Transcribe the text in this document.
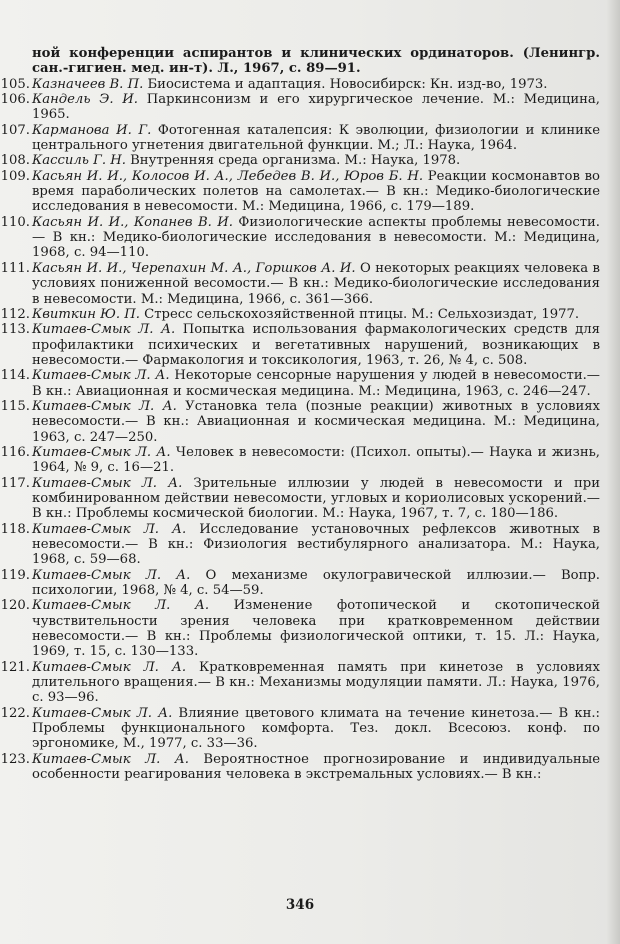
ной конференции аспирантов и клинических ординаторов. (Ленингр. сан.-гигиен. мед. ин-т). Л., 1967, с. 89—91.

105. Казначеев В. П. Биосистема и адаптация. Новосибирск: Кн. изд-во, 1973.

106. Кандель Э. И. Паркинсонизм и его хирургическое лечение. М.: Медицина, 1965.

107. Карманова И. Г. Фотогенная каталепсия: К эволюции, физиологии и клинике центрального угнетения двигательной функции. М.; Л.: Наука, 1964.

108. Кассиль Г. Н. Внутренняя среда организма. М.: Наука, 1978.

109. Касьян И. И., Колосов И. А., Лебедев В. И., Юров Б. Н. Реакции космонавтов во время параболических полетов на самолетах.— В кн.: Медико-биологические исследования в невесомости. М.: Медицина, 1966, с. 179—189.

110. Касьян И. И., Копанев В. И. Физиологические аспекты проблемы невесомости.— В кн.: Медико-биологические исследования в невесомости. М.: Медицина, 1968, с. 94—110.

111. Касьян И. И., Черепахин М. А., Горшков А. И. О некоторых реакциях человека в условиях пониженной весомости.— В кн.: Медико-биологические исследования в невесомости. М.: Медицина, 1966, с. 361—366.

112. Квиткин Ю. П. Стресс сельскохозяйственной птицы. М.: Сельхозиздат, 1977.

113. Китаев-Смык Л. А. Попытка использования фармакологических средств для профилактики психических и вегетативных нарушений, возникающих в невесомости.— Фармакология и токсикология, 1963, т. 26, № 4, с. 508.

114. Китаев-Смык Л. А. Некоторые сенсорные нарушения у людей в невесомости.— В кн.: Авиационная и космическая медицина. М.: Медицина, 1963, с. 246—247.

115. Китаев-Смык Л. А. Установка тела (позные реакции) животных в условиях невесомости.— В кн.: Авиационная и космическая медицина. М.: Медицина, 1963, с. 247—250.

116. Китаев-Смык Л. А. Человек в невесомости: (Психол. опыты).— Наука и жизнь, 1964, № 9, с. 16—21.

117. Китаев-Смык Л. А. Зрительные иллюзии у людей в невесомости и при комбинированном действии невесомости, угловых и кориолисовых ускорений.— В кн.: Проблемы космической биологии. М.: Наука, 1967, т. 7, с. 180—186.

118. Китаев-Смык Л. А. Исследование установочных рефлексов животных в невесомости.— В кн.: Физиология вестибулярного анализатора. М.: Наука, 1968, с. 59—68.

119. Китаев-Смык Л. А. О механизме окулогравической иллюзии.— Вопр. психологии, 1968, № 4, с. 54—59.

120. Китаев-Смык Л. А. Изменение фотопической и скотопической чувствительности зрения человека при кратковременном действии невесомости.— В кн.: Проблемы физиологической оптики, т. 15. Л.: Наука, 1969, т. 15, с. 130—133.

121. Китаев-Смык Л. А. Кратковременная память при кинетозе в условиях длительного вращения.— В кн.: Механизмы модуляции памяти. Л.: Наука, 1976, с. 93—96.

122. Китаев-Смык Л. А. Влияние цветового климата на течение кинетоза.— В кн.: Проблемы функционального комфорта. Тез. докл. Всесоюз. конф. по эргономике, М., 1977, с. 33—36.

123. Китаев-Смык Л. А. Вероятностное прогнозирование и индивидуальные особенности реагирования человека в экстремальных условиях.— В кн.:

346
